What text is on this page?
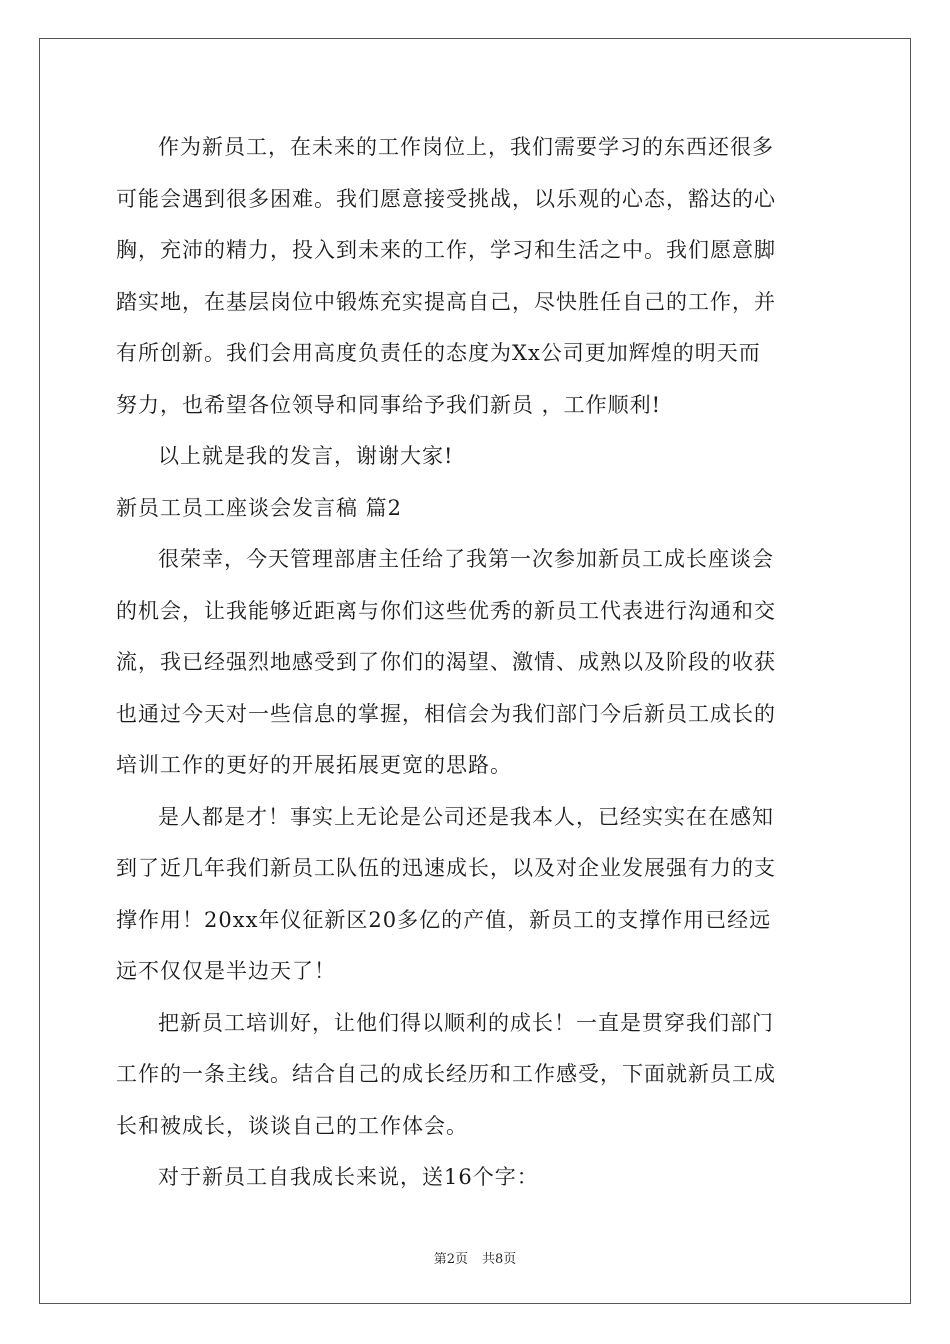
作为新员工，在未来的工作岗位上，我们需要学习的东西还很多
可能会遇到很多困难。我们愿意接受挑战，以乐观的心态，豁达的心
胸，充沛的精力，投入到未来的工作，学习和生活之中。我们愿意脚
踏实地，在基层岗位中锻炼充实提高自己，尽快胜任自己的工作，并
有所创新。我们会用高度负责任的态度为Xx公司更加辉煌的明天而
努力，也希望各位领导和同事给予我们新员 ，工作顺利!

以上就是我的发言，谢谢大家!

新员工员工座谈会发言稿 篇2

很荣幸，今天管理部唐主任给了我第一次参加新员工成长座谈会
的机会，让我能够近距离与你们这些优秀的新员工代表进行沟通和交
流，我已经强烈地感受到了你们的渴望、激情、成熟以及阶段的收获
也通过今天对一些信息的掌握，相信会为我们部门今后新员工成长的
培训工作的更好的开展拓展更宽的思路。

是人都是才！事实上无论是公司还是我本人，已经实实在在感知
到了近几年我们新员工队伍的迅速成长，以及对企业发展强有力的支
撑作用！20xx年仪征新区20多亿的产值，新员工的支撑作用已经远
远不仅仅是半边天了！

把新员工培训好，让他们得以顺利的成长！一直是贯穿我们部门
工作的一条主线。结合自己的成长经历和工作感受，下面就新员工成
长和被成长，谈谈自己的工作体会。

对于新员工自我成长来说，送16个字：

第2页 共8页
